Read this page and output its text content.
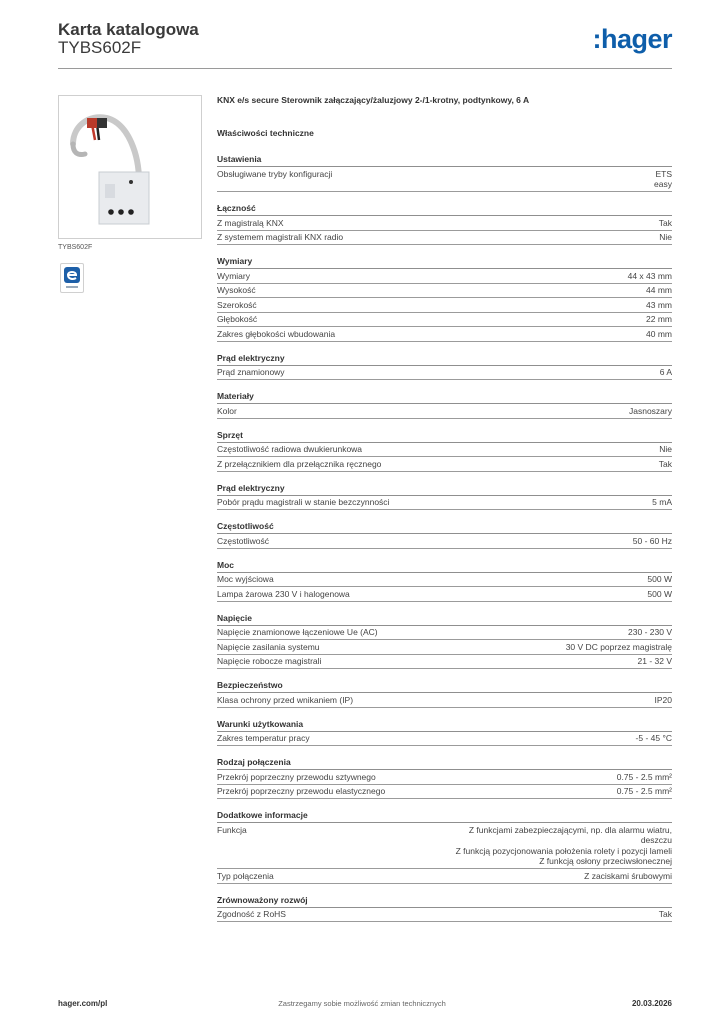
Karta katalogowa
TYBS602F	:hager
TYBS602F
KNX e/s secure Sterownik załączający/żaluzjowy 2-/1-krotny, podtynkowy, 6 A
Właściwości techniczne
Ustawienia
Obsługiwane tryby konfiguracji	ETS
easy
Łączność
Z magistralą KNX	Tak
Z systemem magistrali KNX radio	Nie
Wymiary
Wymiary	44 x 43 mm
Wysokość	44 mm
Szerokość	43 mm
Głębokość	22 mm
Zakres głębokości wbudowania	40 mm
Prąd elektryczny
Prąd znamionowy	6 A
Materiały
Kolor	Jasnoszary
Sprzęt
Częstotliwość radiowa dwukierunkowa	Nie
Z przełącznikiem dla przełącznika ręcznego	Tak
Prąd elektryczny
Pobór prądu magistrali w stanie bezczynności	5 mA
Częstotliwość
Częstotliwość	50 - 60 Hz
Moc
Moc wyjściowa	500 W
Lampa żarowa 230 V i halogenowa	500 W
Napięcie
Napięcie znamionowe łączeniowe Ue (AC)	230 - 230 V
Napięcie zasilania systemu	30 V DC poprzez magistralę
Napięcie robocze magistrali	21 - 32 V
Bezpieczeństwo
Klasa ochrony przed wnikaniem (IP)	IP20
Warunki użytkowania
Zakres temperatur pracy	-5 - 45 °C
Rodzaj połączenia
Przekrój poprzeczny przewodu sztywnego	0.75 - 2.5 mm²
Przekrój poprzeczny przewodu elastycznego	0.75 - 2.5 mm²
Dodatkowe informacje
Funkcja	Z funkcjami zabezpieczającymi, np. dla alarmu wiatru,
deszczu
Z funkcją pozycjonowania położenia rolety i pozycji lameli
Z funkcją osłony przeciwsłonecznej
Typ połączenia	Z zaciskami śrubowymi
Zrównoważony rozwój
Zgodność z RoHS	Tak
hager.com/pl	Zastrzegamy sobie możliwość zmian technicznych	20.03.2026
